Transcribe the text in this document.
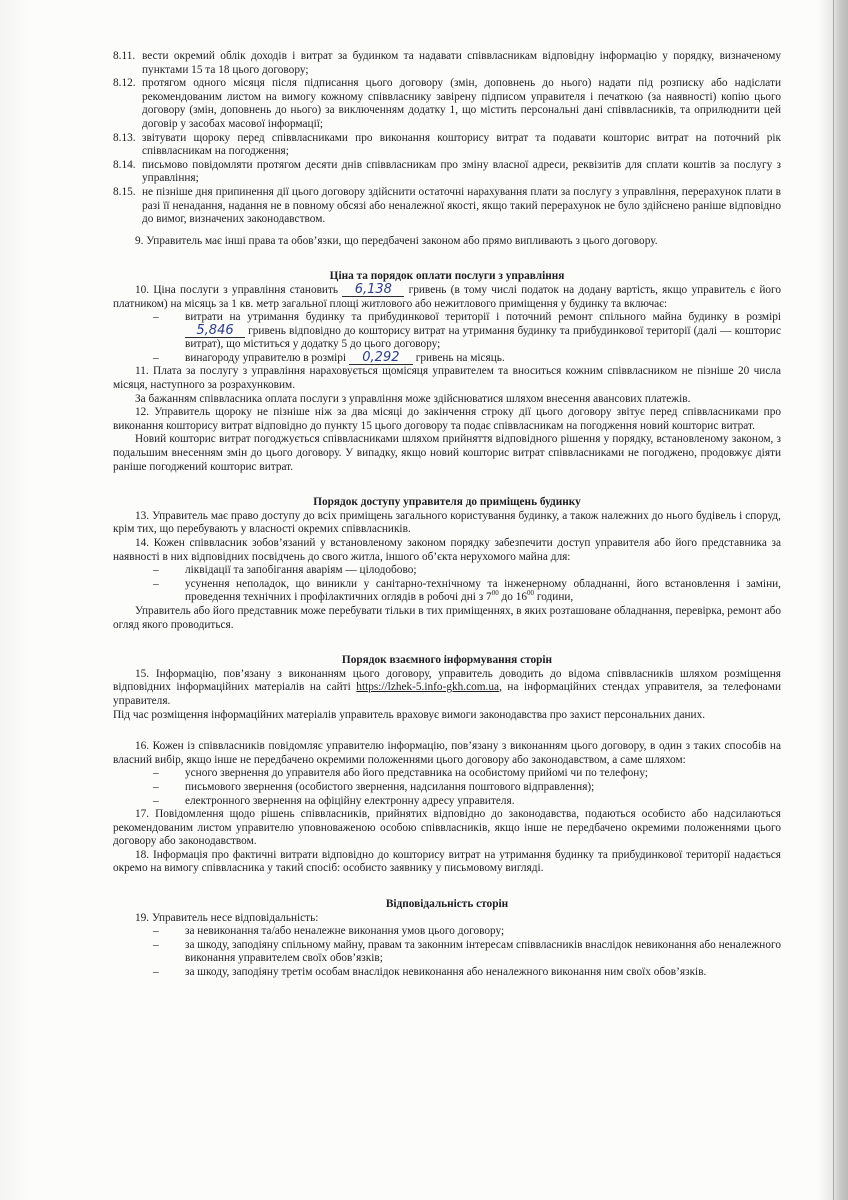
8.11. вести окремий облік доходів і витрат за будинком та надавати співвласникам відповідну інформацію у порядку, визначеному пунктами 15 та 18 цього договору;
8.12. протягом одного місяця після підписання цього договору (змін, доповнень до нього) надати під розписку або надіслати рекомендованим листом на вимогу кожному співвласнику завірену підписом управителя і печаткою (за наявності) копію цього договору (змін, доповнень до нього) за виключенням додатку 1, що містить персональні дані співвласників, та оприлюднити цей договір у засобах масової інформації;
8.13. звітувати щороку перед співвласниками про виконання кошторису витрат та подавати кошторис витрат на поточний рік співвласникам на погодження;
8.14. письмово повідомляти протягом десяти днів співвласникам про зміну власної адреси, реквізитів для сплати коштів за послугу з управління;
8.15. не пізніше дня припинення дії цього договору здійснити остаточні нарахування плати за послугу з управління, перерахунок плати в разі її ненадання, надання не в повному обсязі або неналежної якості, якщо такий перерахунок не було здійснено раніше відповідно до вимог, визначених законодавством.

9. Управитель має інші права та обов’язки, що передбачені законом або прямо випливають з цього договору.

Ціна та порядок оплати послуги з управління

10. Ціна послуги з управління становить 6,138 гривень (в тому числі податок на додану вартість, якщо управитель є його платником) на місяць за 1 кв. метр загальної площі житлового або нежитлового приміщення у будинку та включає:

–	витрати на утримання будинку та прибудинкової території і поточний ремонт спільного майна будинку в розмірі 5,846 гривень відповідно до кошторису витрат на утримання будинку та прибудинкової території (далі — кошторис витрат), що міститься у додатку 5 до цього договору;
–	винагороду управителю в розмірі 0,292 гривень на місяць.

11. Плата за послугу з управління нараховується щомісяця управителем та вноситься кожним співвласником не пізніше 20 числа місяця, наступного за розрахунковим.

За бажанням співвласника оплата послуги з управління може здійснюватися шляхом внесення авансових платежів.

12. Управитель щороку не пізніше ніж за два місяці до закінчення строку дії цього договору звітує перед співвласниками про виконання кошторису витрат відповідно до пункту 15 цього договору та подає співвласникам на погодження новий кошторис витрат.

Новий кошторис витрат погоджується співвласниками шляхом прийняття відповідного рішення у порядку, встановленому законом, з подальшим внесенням змін до цього договору. У випадку, якщо новий кошторис витрат співвласниками не погоджено, продовжує діяти раніше погоджений кошторис витрат.

Порядок доступу управителя до приміщень будинку

13. Управитель має право доступу до всіх приміщень загального користування будинку, а також належних до нього будівель і споруд, крім тих, що перебувають у власності окремих співвласників.

14. Кожен співвласник зобов’язаний у встановленому законом порядку забезпечити доступ управителя або його представника за наявності в них відповідних посвідчень до свого житла, іншого об’єкта нерухомого майна для:

–	ліквідації та запобігання аваріям — цілодобово;
–	усунення неполадок, що виникли у санітарно-технічному та інженерному обладнанні, його встановлення і заміни, проведення технічних і профілактичних оглядів в робочі дні з $7^{00}$ до $16^{00}$ години,

Управитель або його представник може перебувати тільки в тих приміщеннях, в яких розташоване обладнання, перевірка, ремонт або огляд якого проводиться.

Порядок взаємного інформування сторін

15. Інформацію, пов’язану з виконанням цього договору, управитель доводить до відома співвласників шляхом розміщення відповідних інформаційних матеріалів на сайті https://lzhek-5.info-gkh.com.ua, на інформаційних стендах управителя, за телефонами управителя.

Під час розміщення інформаційних матеріалів управитель враховує вимоги законодавства про захист персональних даних.

16. Кожен із співвласників повідомляє управителю інформацію, пов’язану з виконанням цього договору, в один з таких способів на власний вибір, якщо інше не передбачено окремими положеннями цього договору або законодавством, а саме шляхом:

–	усного звернення до управителя або його представника на особистому прийомі чи по телефону;
–	письмового звернення (особистого звернення, надсилання поштового відправлення);
–	електронного звернення на офіційну електронну адресу управителя.

17. Повідомлення щодо рішень співвласників, прийнятих відповідно до законодавства, подаються особисто або надсилаються рекомендованим листом управителю уповноваженою особою співвласників, якщо інше не передбачено окремими положеннями цього договору або законодавством.

18. Інформація про фактичні витрати відповідно до кошторису витрат на утримання будинку та прибудинкової території надається окремо на вимогу співвласника у такий спосіб: особисто заявнику у письмовому вигляді.

Відповідальність сторін

19. Управитель несе відповідальність:

–	за невиконання та/або неналежне виконання умов цього договору;
–	за шкоду, заподіяну спільному майну, правам та законним інтересам співвласників внаслідок невиконання або неналежного виконання управителем своїх обов’язків;
–	за шкоду, заподіяну третім особам внаслідок невиконання або неналежного виконання ним своїх обов’язків.
